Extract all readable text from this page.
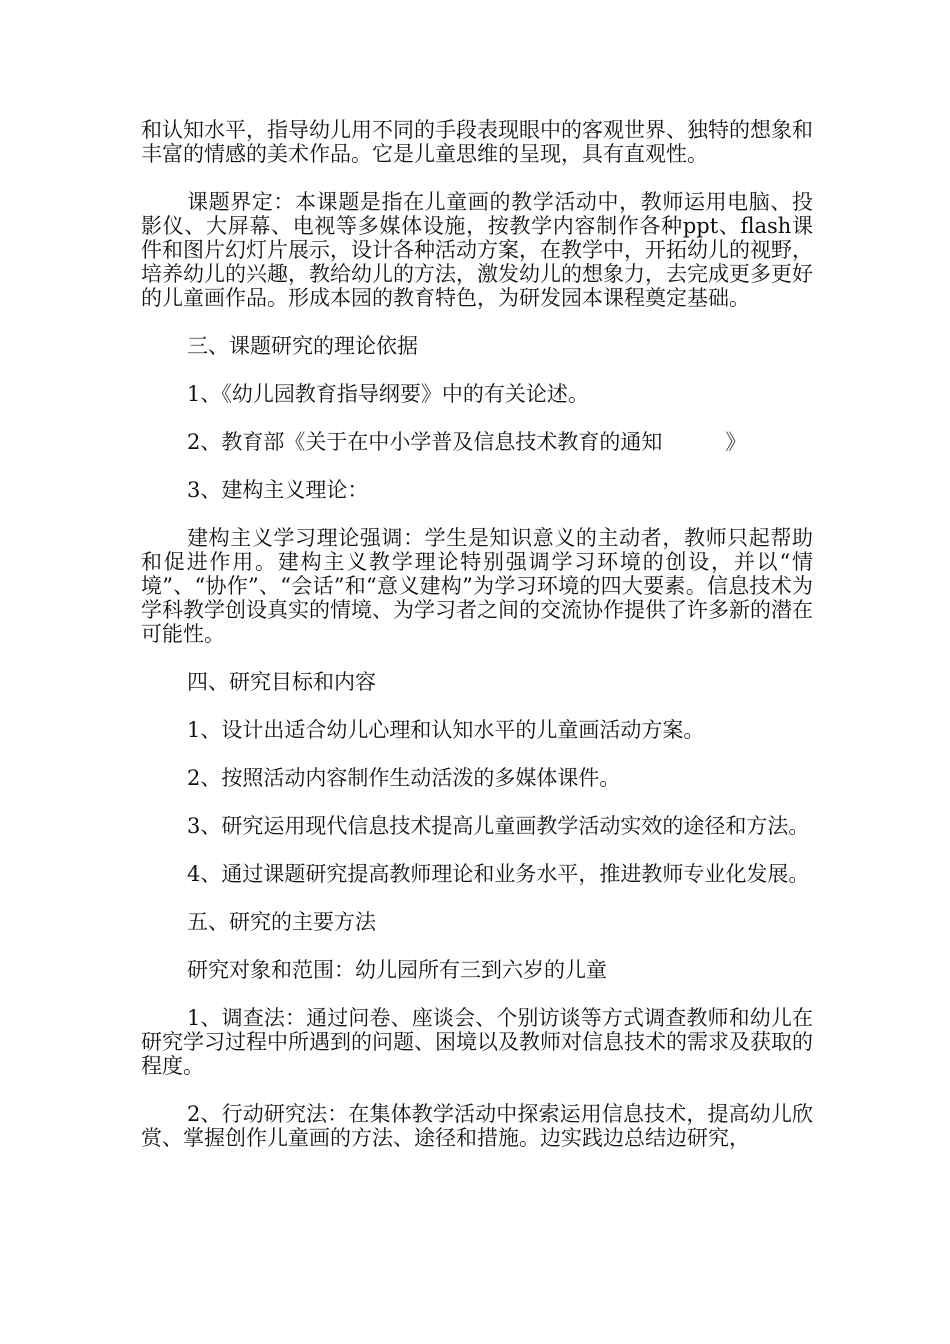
和认知水平，指导幼儿用不同的手段表现眼中的客观世界、独特的想象和丰富的情感的美术作品。它是儿童思维的呈现，具有直观性。

课题界定：本课题是指在儿童画的教学活动中，教师运用电脑、投影仪、大屏幕、电视等多媒体设施，按教学内容制作各种ppt、flash课件和图片幻灯片展示，设计各种活动方案，在教学中，开拓幼儿的视野，培养幼儿的兴趣，教给幼儿的方法，激发幼儿的想象力，去完成更多更好的儿童画作品。形成本园的教育特色，为研发园本课程奠定基础。

三、课题研究的理论依据

1、《幼儿园教育指导纲要》中的有关论述。

2、教育部《关于在中小学普及信息技术教育的通知　　　》

3、建构主义理论：

建构主义学习理论强调：学生是知识意义的主动者，教师只起帮助和促进作用。建构主义教学理论特别强调学习环境的创设，并以“情境”、“协作”、“会话”和“意义建构”为学习环境的四大要素。信息技术为学科教学创设真实的情境、为学习者之间的交流协作提供了许多新的潜在可能性。

四、研究目标和内容

1、设计出适合幼儿心理和认知水平的儿童画活动方案。

2、按照活动内容制作生动活泼的多媒体课件。

3、研究运用现代信息技术提高儿童画教学活动实效的途径和方法。

4、通过课题研究提高教师理论和业务水平，推进教师专业化发展。

五、研究的主要方法

研究对象和范围：幼儿园所有三到六岁的儿童

1、调查法：通过问卷、座谈会、个别访谈等方式调查教师和幼儿在研究学习过程中所遇到的问题、困境以及教师对信息技术的需求及获取的程度。

2、行动研究法：在集体教学活动中探索运用信息技术，提高幼儿欣赏、掌握创作儿童画的方法、途径和措施。边实践边总结边研究，
